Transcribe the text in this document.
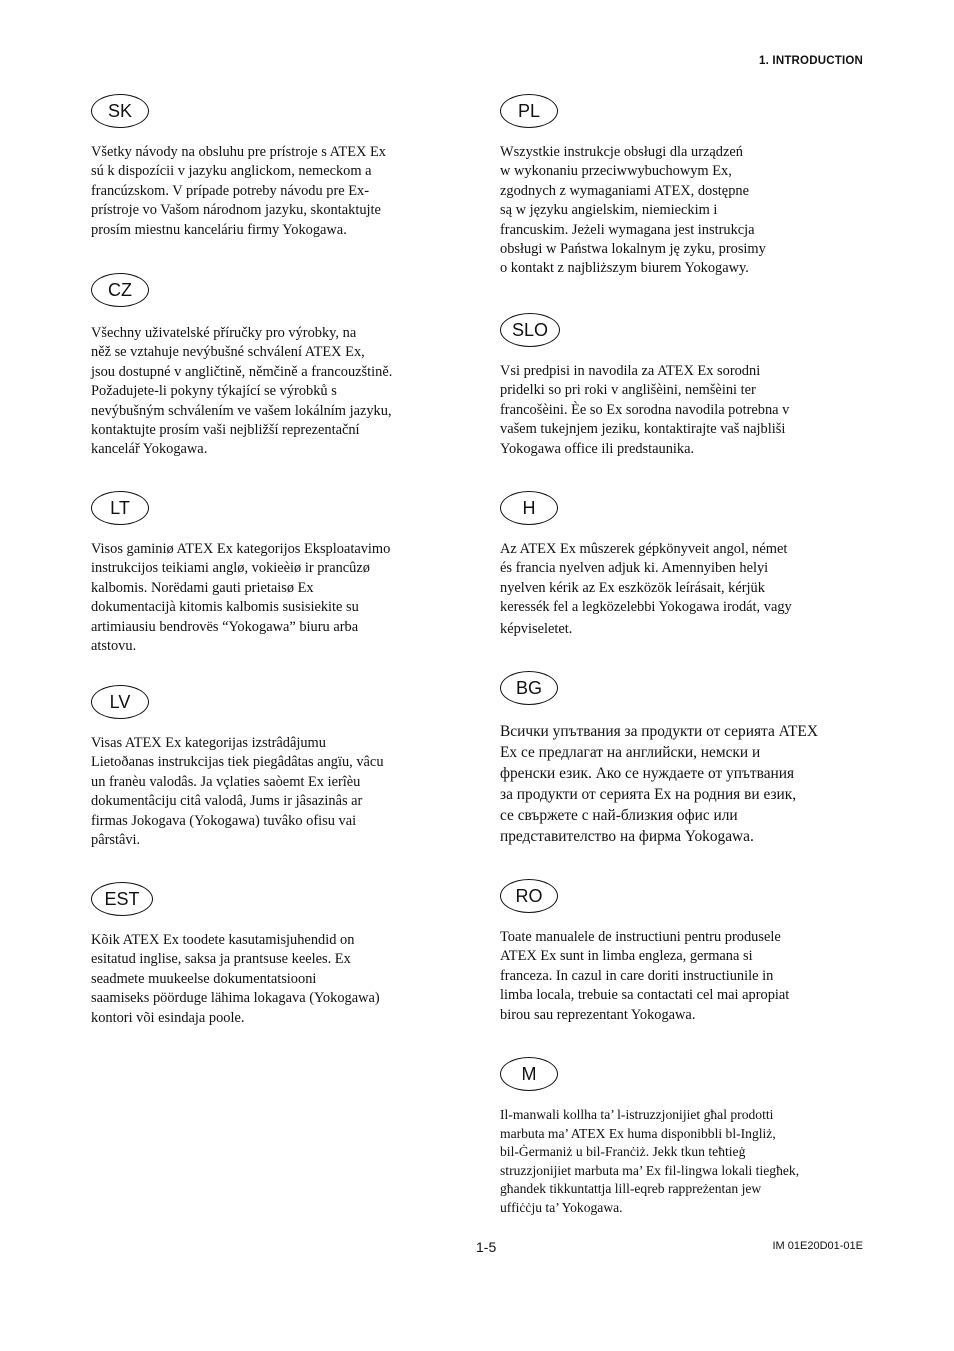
1. INTRODUCTION
SK
Všetky návody na obsluhu pre prístroje s ATEX Ex
sú k dispozícii v jazyku anglickom, nemeckom a
francúzskom. V prípade potreby návodu pre Ex-
prístroje vo Vašom národnom jazyku, skontaktujte
prosím miestnu kanceláriu firmy Yokogawa.
CZ
Všechny uživatelské příručky pro výrobky, na
něž se vztahuje nevýbušné schválení ATEX Ex,
jsou dostupné v angličtině, němčině a francouzštině.
Požadujete-li pokyny týkající se výrobků s
nevýbušným schválením ve vašem lokálním jazyku,
kontaktujte prosím vaši nejbližší reprezentační
kancelář Yokogawa.
LT
Visos gaminiø ATEX Ex kategorijos Eksploatavimo
instrukcijos teikiami anglø, vokieèiø ir prancûzø
kalbomis. Norëdami gauti prietaisø Ex
dokumentacijà kitomis kalbomis susisiekite su
artimiausiu bendrovës “Yokogawa” biuru arba
atstovu.
LV
Visas ATEX Ex kategorijas izstrâdâjumu
Lietoðanas instrukcijas tiek piegâdâtas angïu, vâcu
un franèu valodâs. Ja vçlaties saòemt Ex ierîèu
dokumentâciju citâ valodâ, Jums ir jâsazinâs ar
firmas Jokogava (Yokogawa) tuvâko ofisu vai
pârstâvi.
EST
Kõik ATEX Ex toodete kasutamisjuhendid on
esitatud inglise, saksa ja prantsuse keeles. Ex
seadmete muukeelse dokumentatsiooni
saamiseks pöörduge lähima lokagava (Yokogawa)
kontori või esindaja poole.
PL
Wszystkie instrukcje obsługi dla urządzeń
w wykonaniu przeciwwybuchowym Ex,
zgodnych z wymaganiami ATEX, dostępne
są w języku angielskim, niemieckim i
francuskim. Jeżeli wymagana jest instrukcja
obsługi w Państwa lokalnym ję zyku, prosimy
o kontakt z najbliższym biurem Yokogawy.
SLO
Vsi predpisi in navodila za ATEX Ex sorodni
pridelki so pri roki v anglišèini, nemšèini ter
francošèini. Èe so Ex sorodna navodila potrebna v
vašem tukejnjem jeziku, kontaktirajte vaš najbliši
Yokogawa office ili predstaunika.
H
Az ATEX Ex mûszerek gépkönyveit angol, német
és francia nyelven adjuk ki. Amennyiben helyi
nyelven kérik az Ex eszközök leírásait, kérjük
keressék fel a legközelebbi Yokogawa irodát, vagy
képviseletet.
BG
Всички упътвания за продукти от серията ATEX
Ex се предлагат на английски, немски и
френски език. Ако се нуждаете от упътвания
за продукти от серията Ex на родния ви език,
се свържете с най-близкия офис или
представителство на фирма Yokogawa.
RO
Toate manualele de instructiuni pentru produsele
ATEX Ex sunt in limba engleza, germana si
franceza. In cazul in care doriti instructiunile in
limba locala, trebuie sa contactati cel mai apropiat
birou sau reprezentant Yokogawa.
M
Il-manwali kollha ta’ l-istruzzjonijiet għal prodotti
marbuta ma’ ATEX Ex huma disponibbli bl-Ingliż,
bil-Ġermaniż u bil-Franċiż. Jekk tkun teħtieġ
struzzjonijiet marbuta ma’ Ex fil-lingwa lokali tiegħek,
għandek tikkuntattja lill-eqreb rappreżentan jew
uffiċċju ta’ Yokogawa.
1-5	IM 01E20D01-01E
